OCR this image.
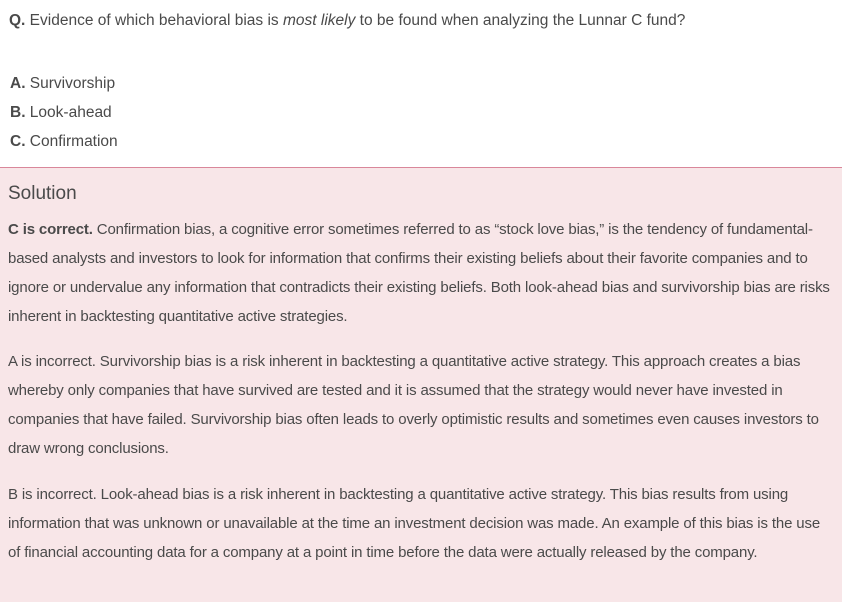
Q. Evidence of which behavioral bias is most likely to be found when analyzing the Lunnar C fund?
A. Survivorship
B. Look-ahead
C. Confirmation
Solution
C is correct. Confirmation bias, a cognitive error sometimes referred to as “stock love bias,” is the tendency of fundamental-based analysts and investors to look for information that confirms their existing beliefs about their favorite companies and to ignore or undervalue any information that contradicts their existing beliefs. Both look-ahead bias and survivorship bias are risks inherent in backtesting quantitative active strategies.
A is incorrect. Survivorship bias is a risk inherent in backtesting a quantitative active strategy. This approach creates a bias whereby only companies that have survived are tested and it is assumed that the strategy would never have invested in companies that have failed. Survivorship bias often leads to overly optimistic results and sometimes even causes investors to draw wrong conclusions.
B is incorrect. Look-ahead bias is a risk inherent in backtesting a quantitative active strategy. This bias results from using information that was unknown or unavailable at the time an investment decision was made. An example of this bias is the use of financial accounting data for a company at a point in time before the data were actually released by the company.
